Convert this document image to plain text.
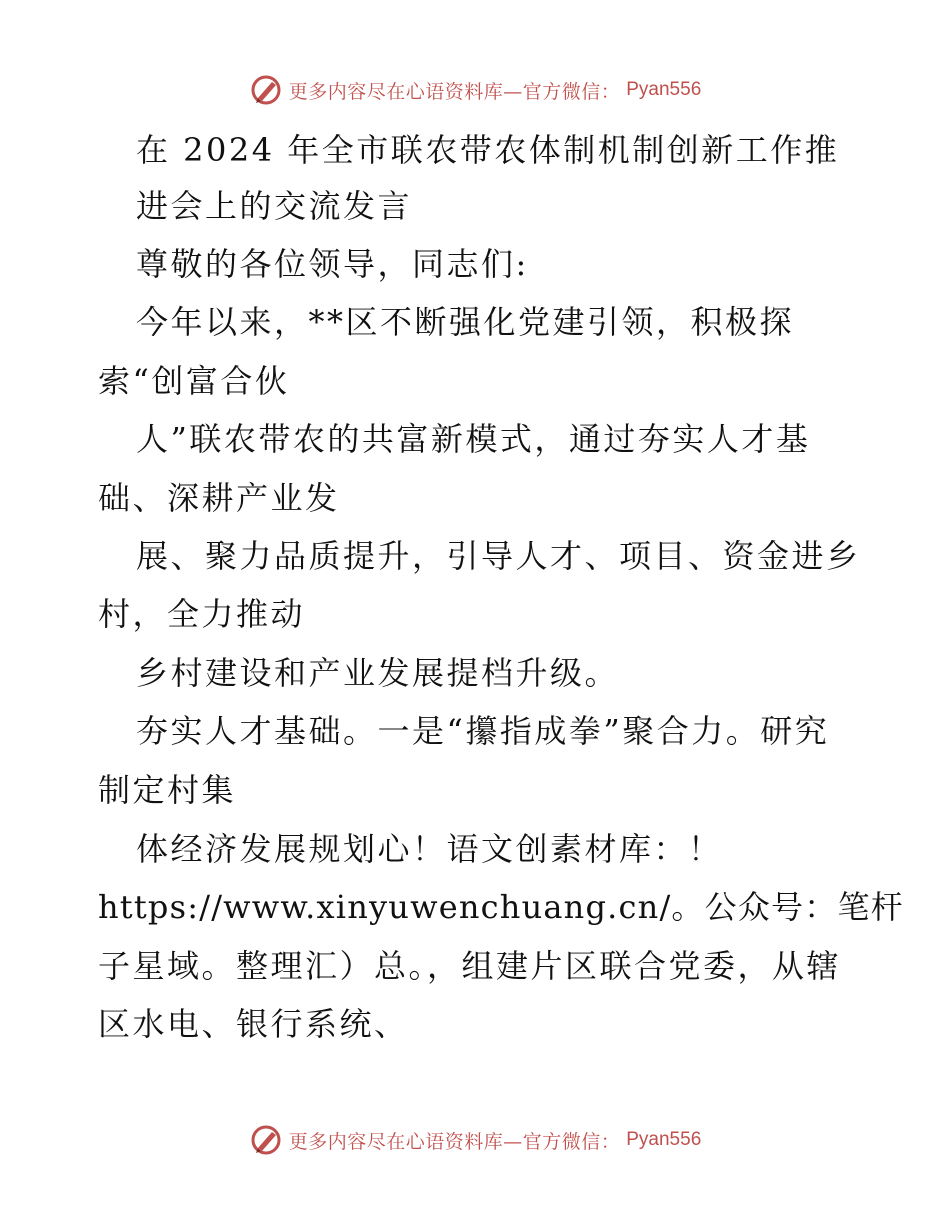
更多内容尽在心语资料库—官方微信： Pyan556
在 2024 年全市联农带农体制机制创新工作推
进会上的交流发言
尊敬的各位领导，同志们:
今年以来，**区不断强化党建引领，积极探
索“创富合伙
人”联农带农的共富新模式，通过夯实人才基
础、深耕产业发
展、聚力品质提升，引导人才、项目、资金进乡
村，全力推动
乡村建设和产业发展提档升级。
夯实人才基础。一是“攥指成拳”聚合力。研究
制定村集
体经济发展规划心！语文创素材库：！
https://www.xinyuwenchuang.cn/。公众号：笔杆
子星域。整理汇）总。，组建片区联合党委，从辖
区水电、银行系统、
更多内容尽在心语资料库—官方微信： Pyan556
